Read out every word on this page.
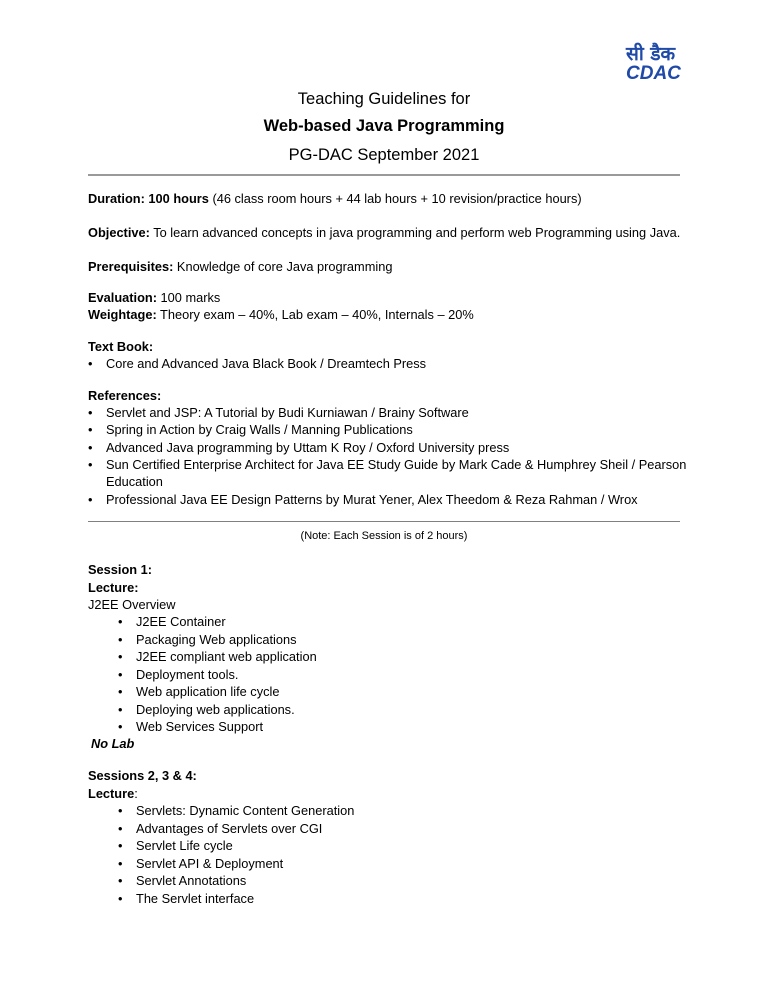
सी डैक
CDAC
Teaching Guidelines for
Web-based Java Programming
PG-DAC September 2021
Duration: 100 hours (46 class room hours + 44 lab hours + 10 revision/practice hours)
Objective: To learn advanced concepts in java programming and perform web Programming using Java.
Prerequisites: Knowledge of core Java programming
Evaluation: 100 marks
Weightage: Theory exam – 40%, Lab exam – 40%, Internals – 20%
Text Book:
• Core and Advanced Java Black Book / Dreamtech Press
References:
• Servlet and JSP: A Tutorial by Budi Kurniawan / Brainy Software
• Spring in Action by Craig Walls / Manning Publications
• Advanced Java programming by Uttam K Roy / Oxford University press
• Sun Certified Enterprise Architect for Java EE Study Guide by Mark Cade & Humphrey Sheil / Pearson
Education
• Professional Java EE Design Patterns by Murat Yener, Alex Theedom & Reza Rahman / Wrox
(Note: Each Session is of 2 hours)
Session 1:
Lecture:
J2EE Overview
• J2EE Container
• Packaging Web applications
• J2EE compliant web application
• Deployment tools.
• Web application life cycle
• Deploying web applications.
• Web Services Support
No Lab
Sessions 2, 3 & 4:
Lecture:
• Servlets: Dynamic Content Generation
• Advantages of Servlets over CGI
• Servlet Life cycle
• Servlet API & Deployment
• Servlet Annotations
• The Servlet interface
